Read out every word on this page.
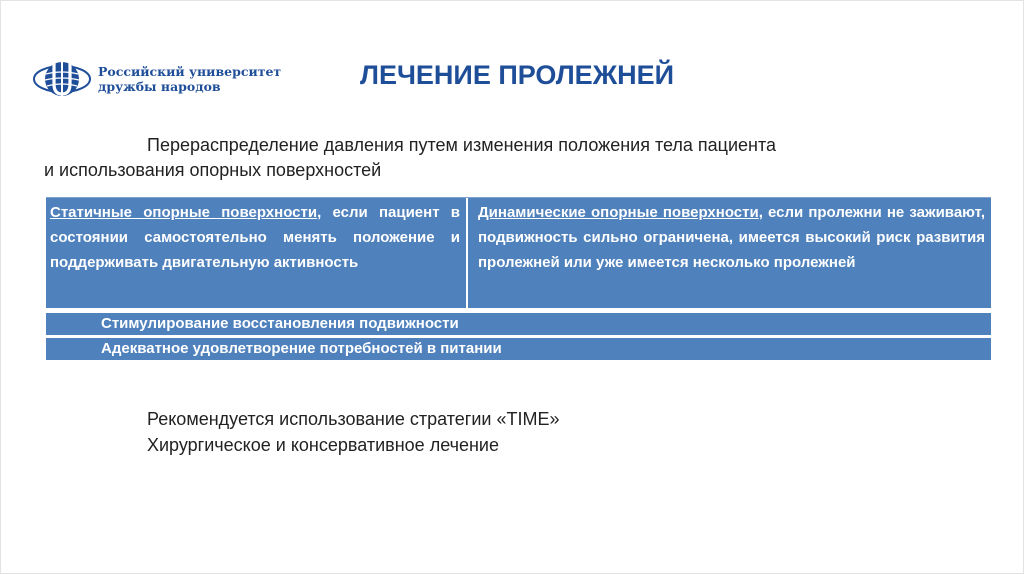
Российский университет
дружбы народов	ЛЕЧЕНИЕ ПРОЛЕЖНЕЙ
Перераспределение давления путем изменения положения тела пациента
и использования опорных поверхностей
Статичные опорные поверхности, если пациент в состоянии самостоятельно менять положение и поддерживать двигательную активность
Динамические опорные поверхности, если пролежни не заживают, подвижность сильно ограничена, имеется высокий риск развития пролежней или уже имеется несколько пролежней
Стимулирование восстановления подвижности
Адекватное удовлетворение потребностей в питании
Рекомендуется использование стратегии «TIME»
Хирургическое и консервативное лечение
